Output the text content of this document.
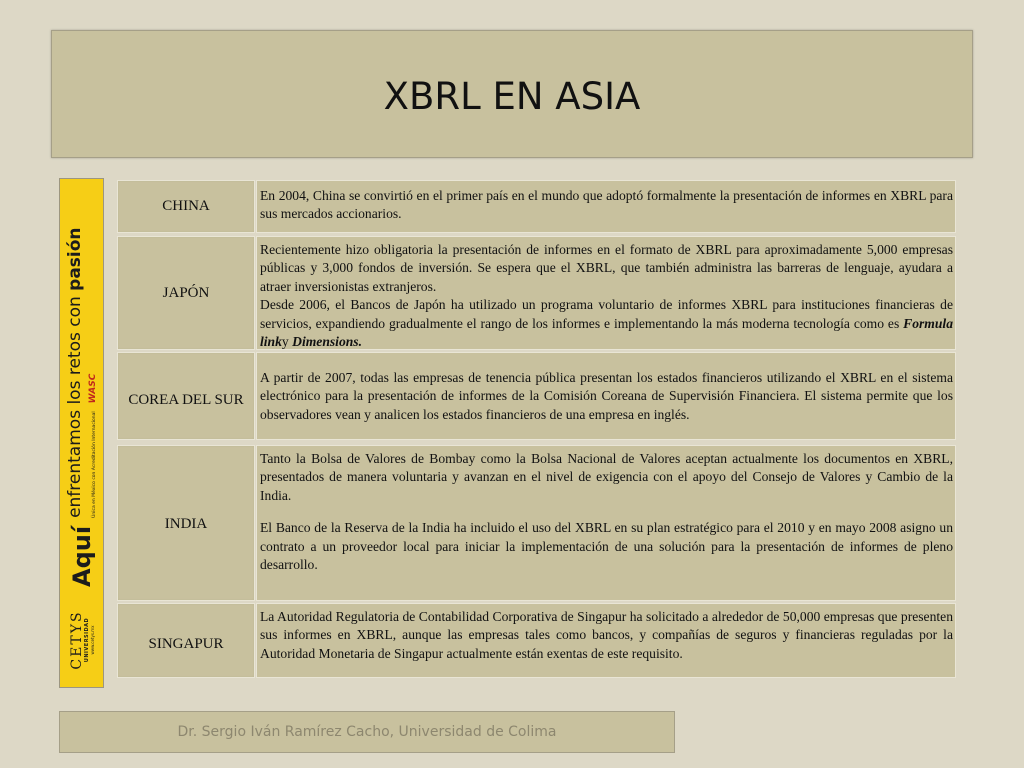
XBRL EN ASIA
CETYS UNIVERSIDAD www.cetys.mx
Aquí
enfrentamos los retos con pasión
Única en México con Acreditación InternacionalWASC
CHINA

En 2004, China se convirtió en el primer país en el mundo que adoptó formalmente la presentación de informes en XBRL para sus mercados accionarios.

JAPÓN

Recientemente hizo obligatoria la presentación de informes en el formato de XBRL para aproximadamente 5,000 empresas públicas y 3,000 fondos de inversión. Se espera que el XBRL, que también administra las barreras de lenguaje, ayudara a atraer inversionistas extranjeros.

Desde 2006, el Bancos de Japón ha utilizado un programa voluntario de informes XBRL para instituciones financieras de servicios, expandiendo gradualmente el rango de los informes e implementando la más moderna tecnología como es Formula linky Dimensions.

COREA DEL SUR

A partir de 2007, todas las empresas de tenencia pública presentan los estados financieros utilizando el XBRL en el sistema electrónico para la presentación de informes de la Comisión Coreana de Supervisión Financiera. El sistema permite que los observadores vean y analicen los estados financieros de una empresa en inglés.

INDIA

Tanto la Bolsa de Valores de Bombay como la Bolsa Nacional de Valores aceptan actualmente los documentos en XBRL, presentados de manera voluntaria y avanzan en el nivel de exigencia con el apoyo del Consejo de Valores y Cambio de la India.

El Banco de la Reserva de la India ha incluido el uso del XBRL en su plan estratégico para el 2010 y en mayo 2008 asigno un contrato a un proveedor local para iniciar la implementación de una solución para la presentación de informes de pleno desarrollo.

SINGAPUR

La Autoridad Regulatoria de Contabilidad Corporativa de Singapur ha solicitado a alrededor de 50,000 empresas que presenten sus informes en XBRL, aunque las empresas tales como bancos, y compañías de seguros y financieras reguladas por la Autoridad Monetaria de Singapur actualmente están exentas de este requisito.

Dr. Sergio Iván Ramírez Cacho, Universidad de Colima
